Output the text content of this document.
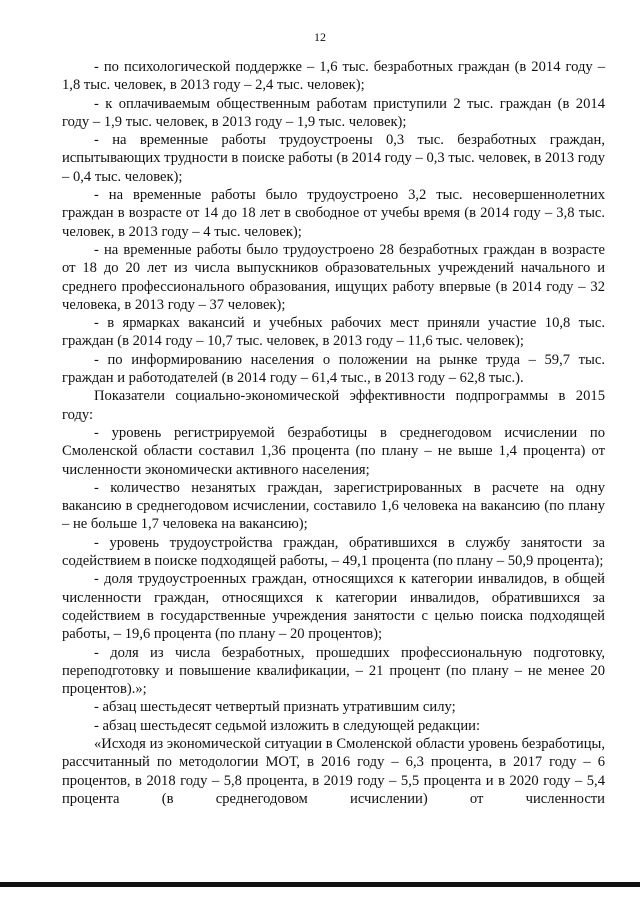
12

- по психологической поддержке – 1,6 тыс. безработных граждан (в 2014 году – 1,8 тыс. человек, в 2013 году – 2,4 тыс. человек);

- к оплачиваемым общественным работам приступили 2 тыс. граждан (в 2014 году – 1,9 тыс. человек, в 2013 году – 1,9 тыс. человек);

- на временные работы трудоустроены 0,3 тыс. безработных граждан, испытывающих трудности в поиске работы (в 2014 году – 0,3 тыс. человек, в 2013 году – 0,4 тыс. человек);

- на временные работы было трудоустроено 3,2 тыс. несовершеннолетних граждан в возрасте от 14 до 18 лет в свободное от учебы время (в 2014 году – 3,8 тыс. человек, в 2013 году – 4 тыс. человек);

- на временные работы было трудоустроено 28 безработных граждан в возрасте от 18 до 20 лет из числа выпускников образовательных учреждений начального и среднего профессионального образования, ищущих работу впервые (в 2014 году – 32 человека, в 2013 году – 37 человек);

- в ярмарках вакансий и учебных рабочих мест приняли участие 10,8 тыс. граждан (в 2014 году – 10,7 тыс. человек, в 2013 году – 11,6 тыс. человек);

- по информированию населения о положении на рынке труда – 59,7 тыс. граждан и работодателей (в 2014 году – 61,4 тыс., в 2013 году – 62,8 тыс.).

Показатели социально-экономической эффективности подпрограммы в 2015 году:

- уровень регистрируемой безработицы в среднегодовом исчислении по Смоленской области составил 1,36 процента (по плану – не выше 1,4 процента) от численности экономически активного населения;

- количество незанятых граждан, зарегистрированных в расчете на одну вакансию в среднегодовом исчислении, составило 1,6 человека на вакансию (по плану – не больше 1,7 человека на вакансию);

- уровень трудоустройства граждан, обратившихся в службу занятости за содействием в поиске подходящей работы, – 49,1 процента (по плану – 50,9 процента);

- доля трудоустроенных граждан, относящихся к категории инвалидов, в общей численности граждан, относящихся к категории инвалидов, обратившихся за содействием в государственные учреждения занятости с целью поиска подходящей работы, – 19,6 процента (по плану – 20 процентов);

- доля из числа безработных, прошедших профессиональную подготовку, переподготовку и повышение квалификации, – 21 процент (по плану – не менее 20 процентов).»;

- абзац шестьдесят четвертый признать утратившим силу;

- абзац шестьдесят седьмой изложить в следующей редакции:

«Исходя из экономической ситуации в Смоленской области уровень безработицы, рассчитанный по методологии МОТ, в 2016 году – 6,3 процента, в 2017 году – 6 процентов, в 2018 году – 5,8 процента, в 2019 году – 5,5 процента и в 2020 году – 5,4 процента (в среднегодовом исчислении) от численности
